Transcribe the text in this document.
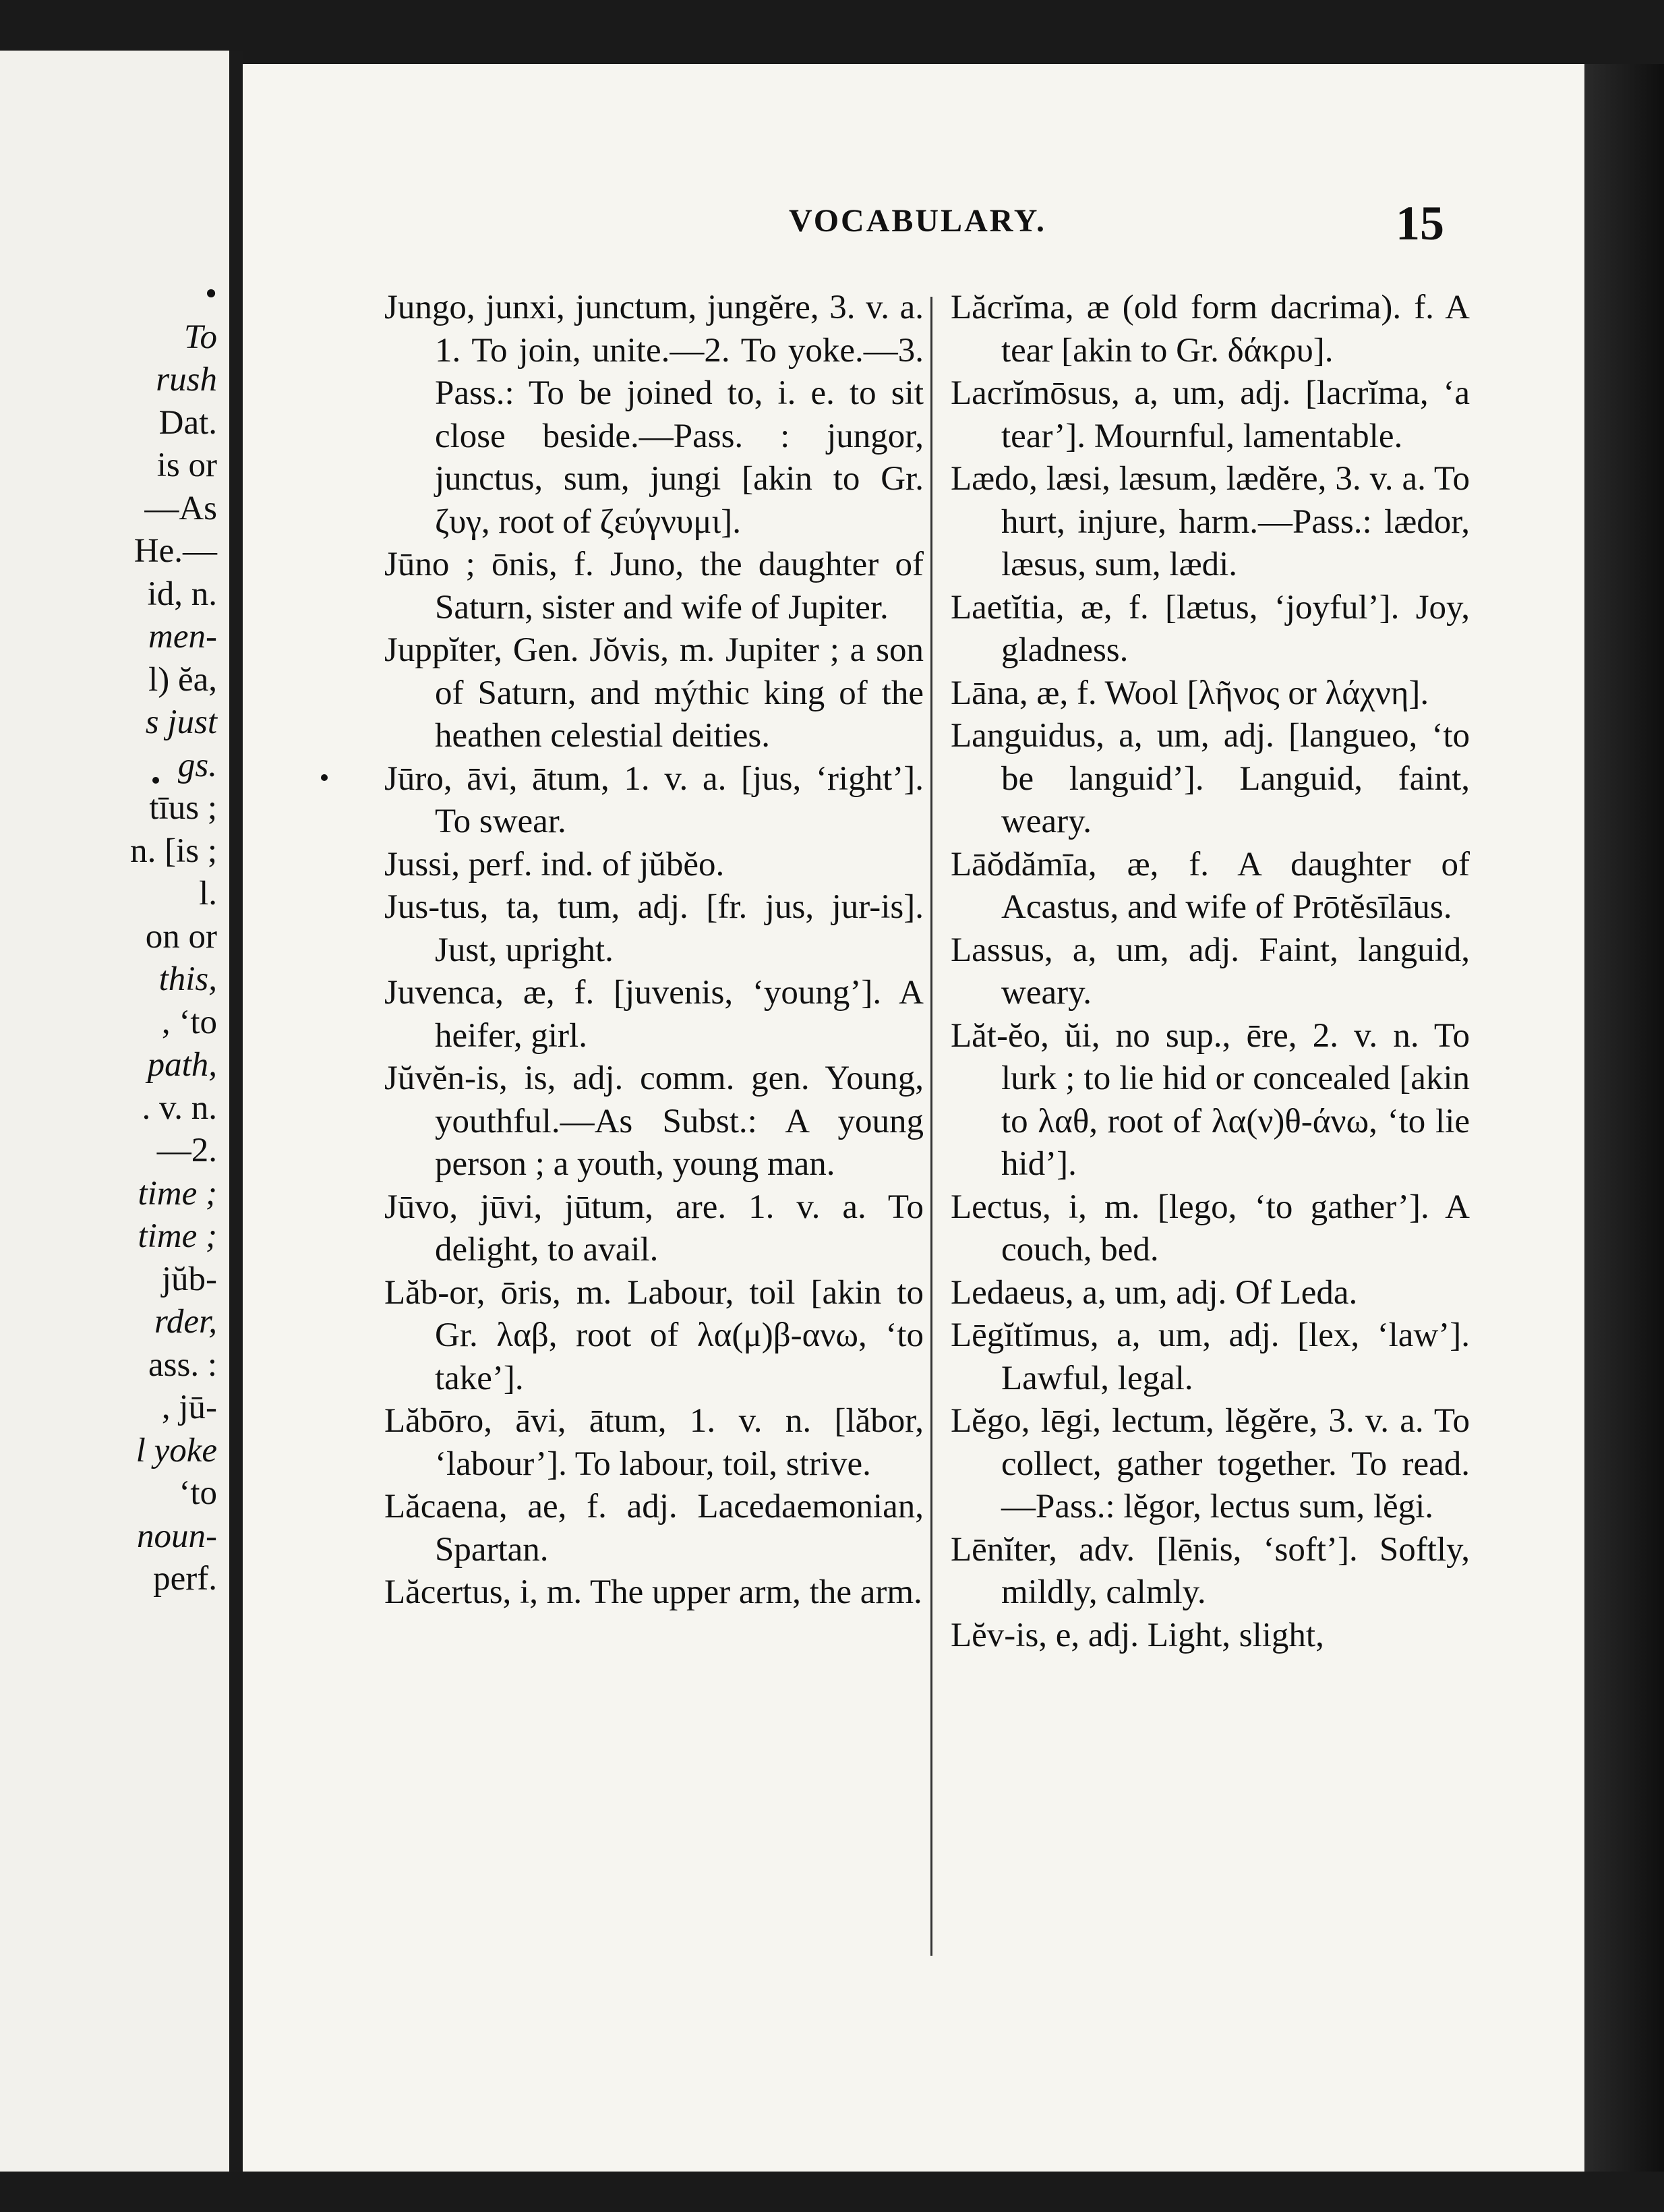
•
To
rush
Dat.
is or
—As
He.—
id, n.
men-
l) ĕa,
s just
gs.
tīus ;
n. [is ;
l.
on or
this,
, ‘to
path,
. v. n.
—2.
time ;
time ;
jŭb-
rder,
ass. :
, jū-
l yoke
‘to
noun-
perf.
VOCABULARY.	15

Jungo, junxi, junctum, jungĕre, 3. v. a. 1. To join, unite.—2. To yoke.—3. Pass.: To be joined to, i. e. to sit close beside.—Pass. : jungor, junctus, sum, jungi [akin to Gr. ζυγ, root of ζεύγνυμι].

Jūno ; ōnis, f. Juno, the daughter of Saturn, sister and wife of Jupiter.

Juppĭter, Gen. Jŏvis, m. Jupiter ; a son of Saturn, and mýthic king of the heathen celestial deities.

Jūro, āvi, ātum, 1. v. a. [jus, ‘right’]. To swear.

Jussi, perf. ind. of jŭbĕo.

Jus-tus, ta, tum, adj. [fr. jus, jur-is]. Just, upright.

Juvenca, æ, f. [juvenis, ‘young’]. A heifer, girl.

Jŭvĕn-is, is, adj. comm. gen. Young, youthful.—As Subst.: A young person ; a youth, young man.

Jūvo, jūvi, jūtum, are. 1. v. a. To delight, to avail.

Lăb-or, ōris, m. Labour, toil [akin to Gr. λαβ, root of λα(μ)β-ανω, ‘to take’].

Lăbōro, āvi, ātum, 1. v. n. [lăbor, ‘labour’]. To labour, toil, strive.

Lăcaena, ae, f. adj. Lacedaemonian, Spartan.

Lăcertus, i, m. The upper arm, the arm.

Lăcrĭma, æ (old form dacrima). f. A tear [akin to Gr. δάκρυ].

Lacrĭmōsus, a, um, adj. [lacrĭma, ‘a tear’]. Mournful, lamentable.

Lædo, læsi, læsum, lædĕre, 3. v. a. To hurt, injure, harm.—Pass.: lædor, læsus, sum, lædi.

Laetĭtia, æ, f. [lætus, ‘joyful’]. Joy, gladness.

Lāna, æ, f. Wool [λῆνος or λάχνη].

Languidus, a, um, adj. [langueo, ‘to be languid’]. Languid, faint, weary.

Lāŏdămīa, æ, f. A daughter of Acastus, and wife of Prōtĕsīlāus.

Lassus, a, um, adj. Faint, languid, weary.

Lăt-ĕo, ŭi, no sup., ēre, 2. v. n. To lurk ; to lie hid or concealed [akin to λαθ, root of λα(ν)θ-άνω, ‘to lie hid’].

Lectus, i, m. [lego, ‘to gather’]. A couch, bed.

Ledaeus, a, um, adj. Of Leda.

Lēgĭtĭmus, a, um, adj. [lex, ‘law’]. Lawful, legal.

Lĕgo, lēgi, lectum, lĕgĕre, 3. v. a. To collect, gather together. To read.—Pass.: lĕgor, lectus sum, lĕgi.

Lēnĭter, adv. [lēnis, ‘soft’]. Softly, mildly, calmly.

Lĕv-is, e, adj. Light, slight,
